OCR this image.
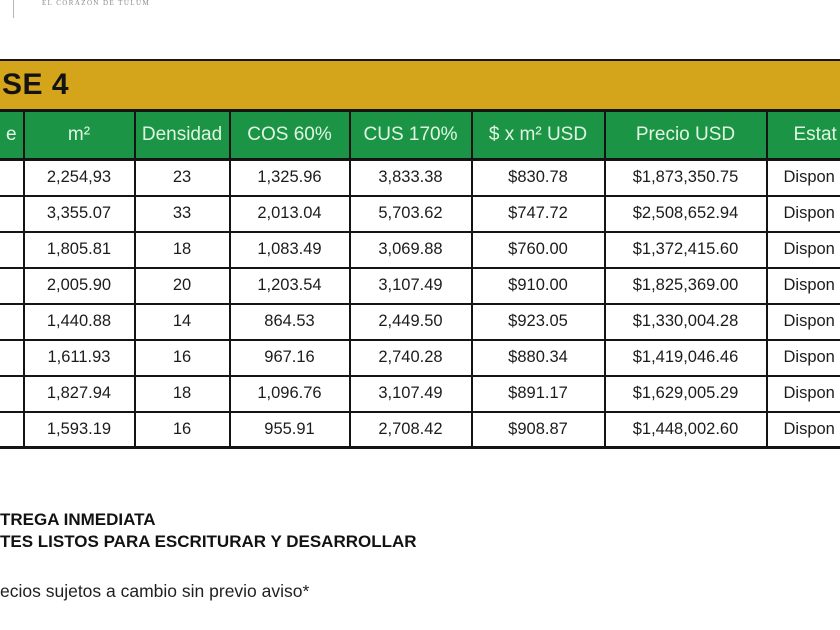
EL CORAZÓN DE TULUM
SE 4
e	m²	Densidad	COS 60%	CUS 170%	$ x m² USD	Precio USD	Estat
	2,254,93	23	1,325.96	3,833.38	$830.78	$1,873,350.75	Dispon
	3,355.07	33	2,013.04	5,703.62	$747.72	$2,508,652.94	Dispon
	1,805.81	18	1,083.49	3,069.88	$760.00	$1,372,415.60	Dispon
	2,005.90	20	1,203.54	3,107.49	$910.00	$1,825,369.00	Dispon
	1,440.88	14	864.53	2,449.50	$923.05	$1,330,004.28	Dispon
	1,611.93	16	967.16	2,740.28	$880.34	$1,419,046.46	Dispon
	1,827.94	18	1,096.76	3,107.49	$891.17	$1,629,005.29	Dispon
	1,593.19	16	955.91	2,708.42	$908.87	$1,448,002.60	Dispon
TREGA INMEDIATA
TES LISTOS PARA ESCRITURAR Y DESARROLLAR
ecios sujetos a cambio sin previo aviso*
